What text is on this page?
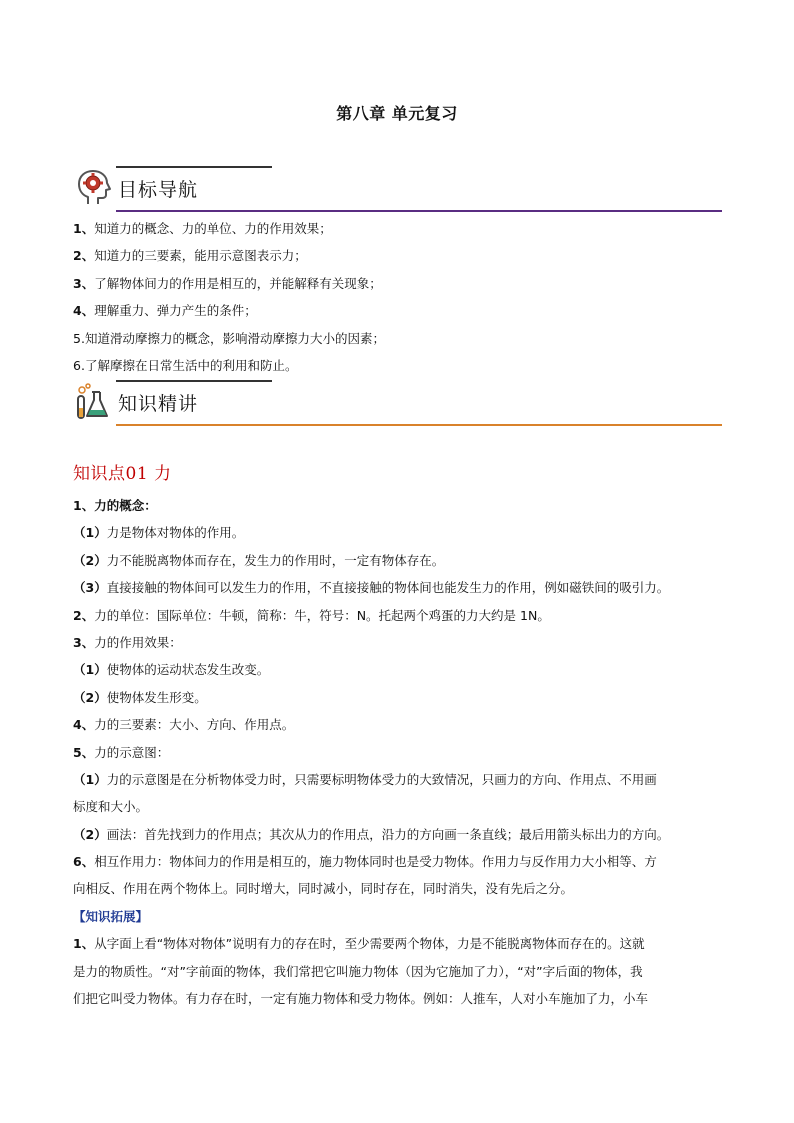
第八章 单元复习
目标导航
1、知道力的概念、力的单位、力的作用效果；
2、知道力的三要素，能用示意图表示力；
3、了解物体间力的作用是相互的，并能解释有关现象；
4、理解重力、弹力产生的条件；
5.知道滑动摩擦力的概念，影响滑动摩擦力大小的因素；
6.了解摩擦在日常生活中的利用和防止。
知识精讲
知识点01 力
1、力的概念：
（1）力是物体对物体的作用。
（2）力不能脱离物体而存在，发生力的作用时，一定有物体存在。
（3）直接接触的物体间可以发生力的作用，不直接接触的物体间也能发生力的作用，例如磁铁间的吸引力。
2、力的单位：国际单位：牛顿，简称：牛，符号：N。托起两个鸡蛋的力大约是 1N。
3、力的作用效果：
（1）使物体的运动状态发生改变。
（2）使物体发生形变。
4、力的三要素：大小、方向、作用点。
5、力的示意图：
（1）力的示意图是在分析物体受力时，只需要标明物体受力的大致情况，只画力的方向、作用点、不用画
标度和大小。
（2）画法：首先找到力的作用点；其次从力的作用点，沿力的方向画一条直线；最后用箭头标出力的方向。
6、相互作用力：物体间力的作用是相互的，施力物体同时也是受力物体。作用力与反作用力大小相等、方
向相反、作用在两个物体上。同时增大，同时减小，同时存在，同时消失，没有先后之分。
【知识拓展】
1、从字面上看“物体对物体”说明有力的存在时，至少需要两个物体，力是不能脱离物体而存在的。这就
是力的物质性。“对”字前面的物体，我们常把它叫施力物体（因为它施加了力），“对”字后面的物体，我
们把它叫受力物体。有力存在时，一定有施力物体和受力物体。例如：人推车，人对小车施加了力，小车
